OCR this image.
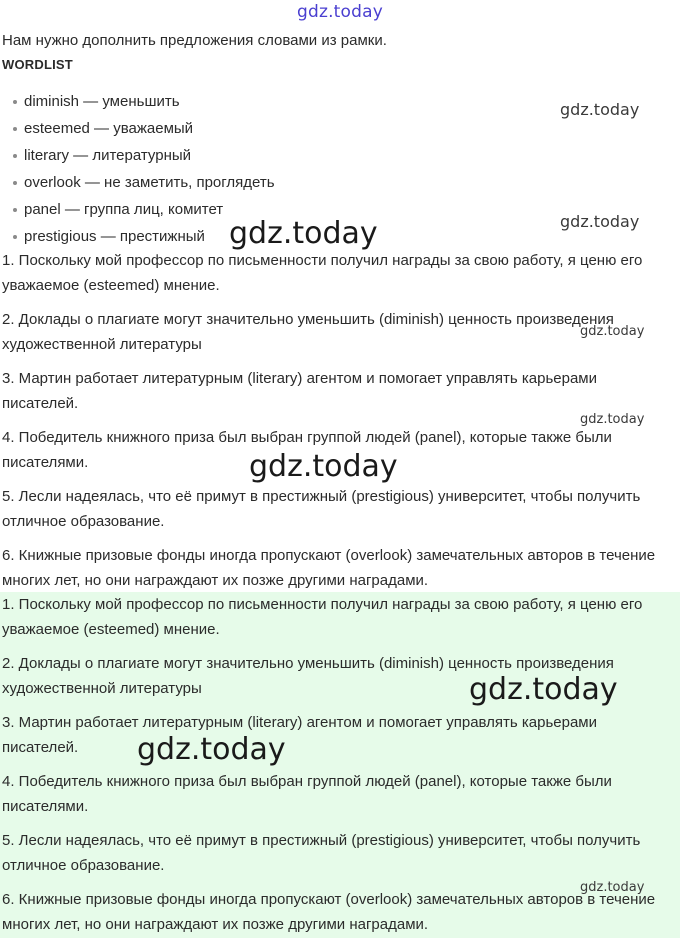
gdz.today
Нам нужно дополнить предложения словами из рамки.
WORDLIST
diminish — уменьшить
esteemed — уважаемый
literary — литературный
overlook — не заметить, проглядеть
panel — группа лиц, комитет
prestigious — престижный
1. Поскольку мой профессор по письменности получил награды за свою работу, я ценю его уважаемое (esteemed) мнение.
2. Доклады о плагиате могут значительно уменьшить (diminish) ценность произведения художественной литературы
3. Мартин работает литературным (literary) агентом и помогает управлять карьерами писателей.
4. Победитель книжного приза был выбран группой людей (panel), которые также были писателями.
5. Лесли надеялась, что её примут в престижный (prestigious) университет, чтобы получить отличное образование.
6. Книжные призовые фонды иногда пропускают (overlook) замечательных авторов в течение многих лет, но они награждают их позже другими наградами.
1. Поскольку мой профессор по письменности получил награды за свою работу, я ценю его уважаемое (esteemed) мнение.
2. Доклады о плагиате могут значительно уменьшить (diminish) ценность произведения художественной литературы
3. Мартин работает литературным (literary) агентом и помогает управлять карьерами писателей.
4. Победитель книжного приза был выбран группой людей (panel), которые также были писателями.
5. Лесли надеялась, что её примут в престижный (prestigious) университет, чтобы получить отличное образование.
6. Книжные призовые фонды иногда пропускают (overlook) замечательных авторов в течение многих лет, но они награждают их позже другими наградами.
gdz.today
gdz.today
gdz.today
gdz.today
gdz.today
gdz.today
gdz.today
gdz.today
gdz.today
